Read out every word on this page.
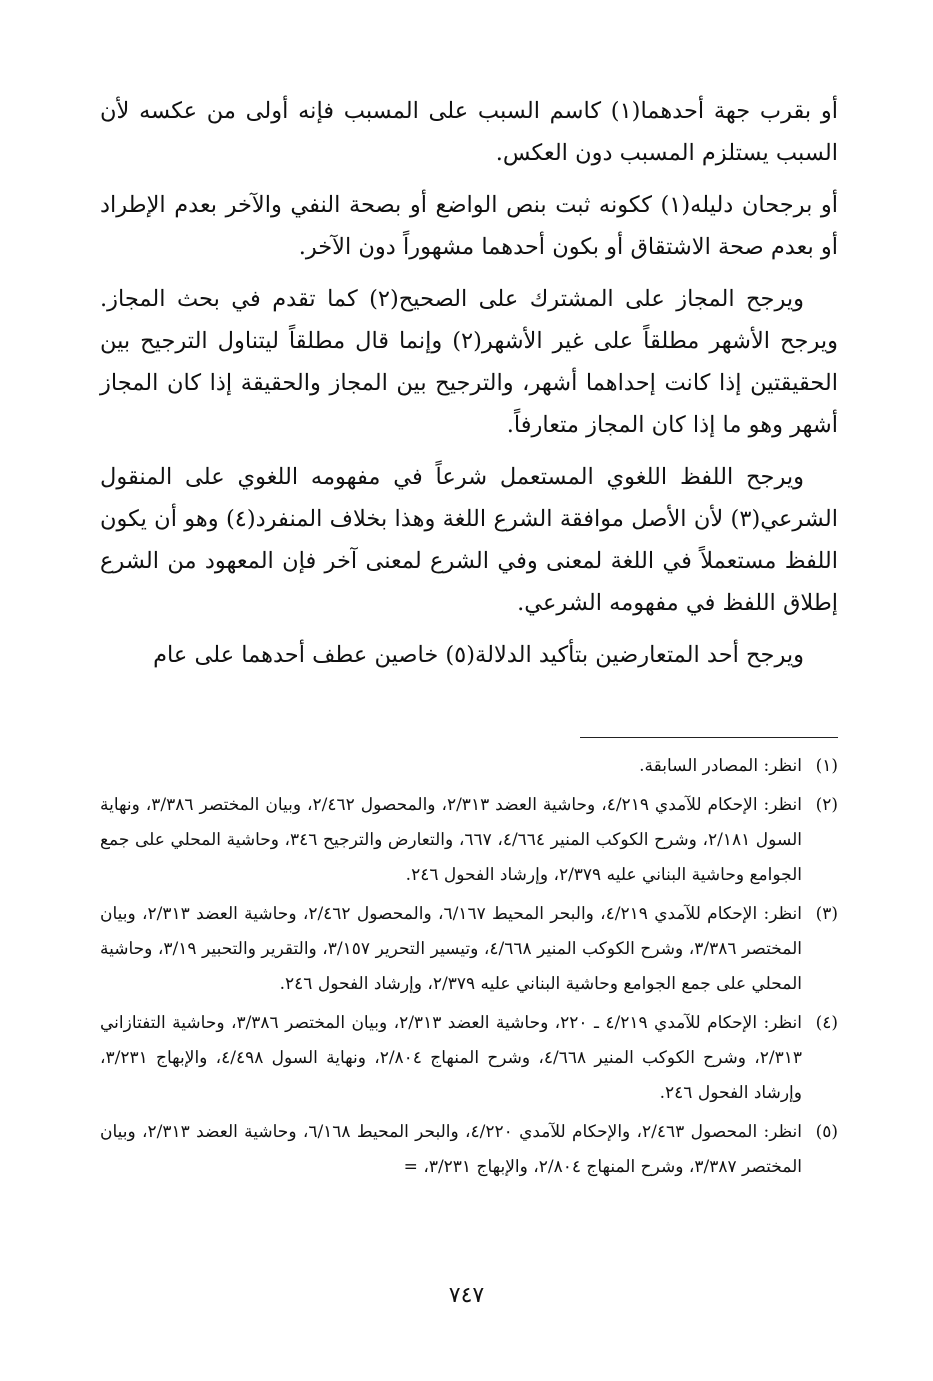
أو بقرب جهة أحدهما(١) كاسم السبب على المسبب فإنه أولى من عكسه لأن السبب يستلزم المسبب دون العكس.

أو برجحان دليله(١) ككونه ثبت بنص الواضع أو بصحة النفي والآخر بعدم الإطراد أو بعدم صحة الاشتقاق أو بكون أحدهما مشهوراً دون الآخر.

ويرجح المجاز على المشترك على الصحيح(٢) كما تقدم في بحث المجاز. ويرجح الأشهر مطلقاً على غير الأشهر(٢) وإنما قال مطلقاً ليتناول الترجيح بين الحقيقتين إذا كانت إحداهما أشهر، والترجيح بين المجاز والحقيقة إذا كان المجاز أشهر وهو ما إذا كان المجاز متعارفاً.

ويرجح اللفظ اللغوي المستعمل شرعاً في مفهومه اللغوي على المنقول الشرعي(٣) لأن الأصل موافقة الشرع اللغة وهذا بخلاف المنفرد(٤) وهو أن يكون اللفظ مستعملاً في اللغة لمعنى وفي الشرع لمعنى آخر فإن المعهود من الشرع إطلاق اللفظ في مفهومه الشرعي.

ويرجح أحد المتعارضين بتأكيد الدلالة(٥) خاصين عطف أحدهما على عام

(١)
انظر: المصادر السابقة.
(٢)
انظر: الإحكام للآمدي ٤/٢١٩، وحاشية العضد ٢/٣١٣، والمحصول ٢/٤٦٢، وبيان المختصر ٣/٣٨٦، ونهاية السول ٢/١٨١، وشرح الكوكب المنير ٤/٦٦٤، ٦٦٧، والتعارض والترجيح ٣٤٦، وحاشية المحلي على جمع الجوامع وحاشية البناني عليه ٢/٣٧٩، وإرشاد الفحول ٢٤٦.
(٣)
انظر: الإحكام للآمدي ٤/٢١٩، والبحر المحيط ٦/١٦٧، والمحصول ٢/٤٦٢، وحاشية العضد ٢/٣١٣، وبيان المختصر ٣/٣٨٦، وشرح الكوكب المنير ٤/٦٦٨، وتيسير التحرير ٣/١٥٧، والتقرير والتحبير ٣/١٩، وحاشية المحلي على جمع الجوامع وحاشية البناني عليه ٢/٣٧٩، وإرشاد الفحول ٢٤٦.
(٤)
انظر: الإحكام للآمدي ٤/٢١٩ ـ ٢٢٠، وحاشية العضد ٢/٣١٣، وبيان المختصر ٣/٣٨٦، وحاشية التفتازاني ٢/٣١٣، وشرح الكوكب المنير ٤/٦٦٨، وشرح المنهاج ٢/٨٠٤، ونهاية السول ٤/٤٩٨، والإبهاج ٣/٢٣١، وإرشاد الفحول ٢٤٦.
(٥)
انظر: المحصول ٢/٤٦٣، والإحكام للآمدي ٤/٢٢٠، والبحر المحيط ٦/١٦٨، وحاشية العضد ٢/٣١٣، وبيان المختصر ٣/٣٨٧، وشرح المنهاج ٢/٨٠٤، والإبهاج ٣/٢٣١، =
٧٤٧
